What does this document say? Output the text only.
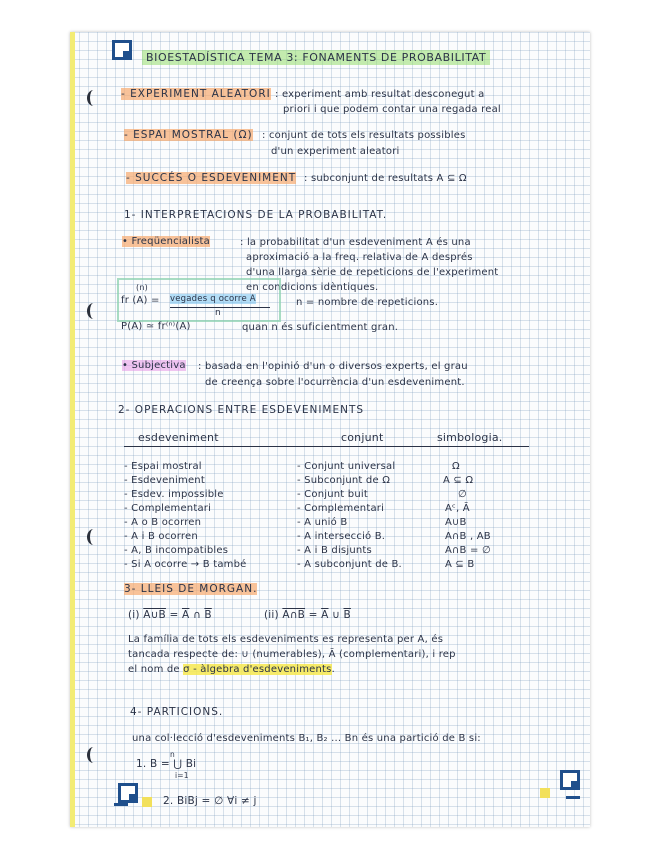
BIOESTADÍSTICA TEMA 3: FONAMENTS DE PROBABILITAT
- EXPERIMENT ALEATORI : experiment amb resultat desconegut a
priori i que podem contar una regada real
- ESPAI MOSTRAL (Ω) : conjunt de tots els resultats possibles
d'un experiment aleatori
- SUCCÉS O ESDEVENIMENT : subconjunt de resultats A ⊆ Ω
1- INTERPRETACIONS DE LA PROBABILITAT.
• Freqüencialista	: la probabilitat d'un esdeveniment A és una
aproximació a la freq. relativa de A després
d'una llarga sèrie de repeticions de l'experiment
en condicions idèntiques.
(n)
fr (A) = vegades q ocorre A
n
n = nombre de repeticions.
P(A) ≃ fr⁽ⁿ⁾(A)	quan n és suficientment gran.
• Subjectiva : basada en l'opinió d'un o diversos experts, el grau
de creença sobre l'ocurrència d'un esdeveniment.
2- OPERACIONS ENTRE ESDEVENIMENTS
esdeveniment	conjunt	simbologia.
- Espai mostral	- Conjunt universal	Ω
- Esdeveniment	- Subconjunt de Ω	A ⊆ Ω
- Esdev. impossible	- Conjunt buit	∅
- Complementari	- Complementari	Aᶜ, Ā
- A o B ocorren	- A unió B	A∪B
- A i B ocorren	- A intersecció B.	A∩B , AB
- A, B incompatibles	- A i B disjunts	A∩B = ∅
- Si A ocorre → B també	- A subconjunt de B.	A ⊆ B
3- LLEIS DE MORGAN.
(i) A∪B = $\overline{A}$ ∩ $\overline{B}$	(ii) A∩B = $\overline{A}$ ∪ $\overline{B}$
La família de tots els esdeveniments es representa per A, és
tancada respecte de: ∪ (numerables), Ā (complementari), i rep
el nom de σ - àlgebra d'esdeveniments.
4- PARTICIONS.
una col·lecció d'esdeveniments B₁, B₂ ... Bn és una partició de B si:
1. B = ⋃ Bi
n
i=1
2. BiBj = ∅ ∀i ≠ j
